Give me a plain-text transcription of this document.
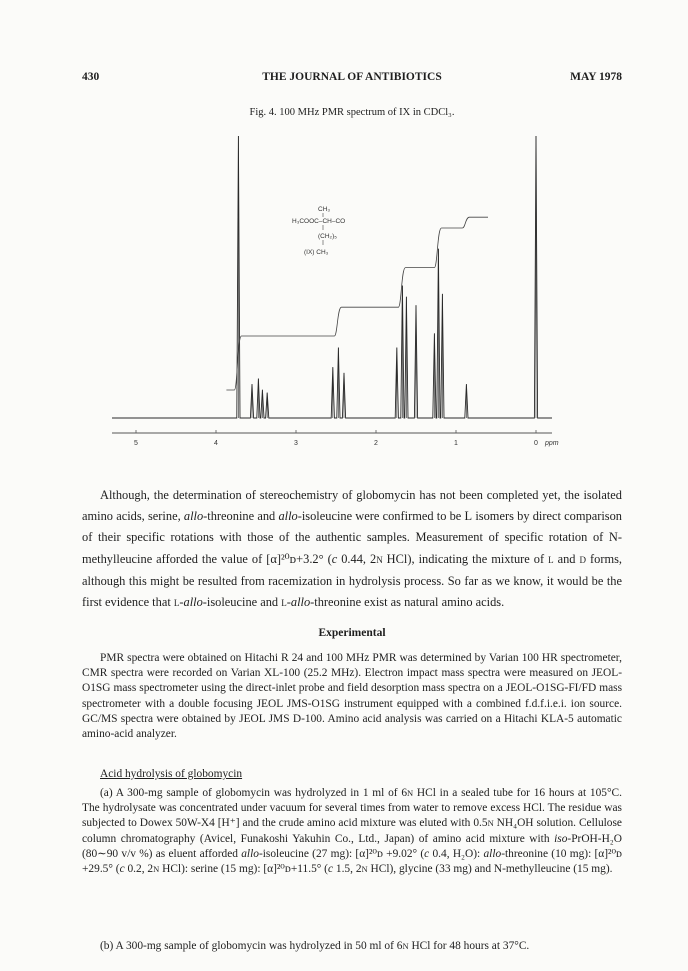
430	THE JOURNAL OF ANTIBIOTICS	MAY 1978
Fig. 4. 100 MHz PMR spectrum of IX in CDCl₃.
5	4	3	2	1	0 ppm
CH₃
H₃COOC–CH–CO
(CH₂)₅
(IX) CH₃

Although, the determination of stereochemistry of globomycin has not been completed yet, the isolated amino acids, serine, allo-threonine and allo-isoleucine were confirmed to be L isomers by direct comparison of their specific rotations with those of the authentic samples. Measurement of specific rotation of N-methylleucine afforded the value of [α]²⁰ᴅ+3.2° (c 0.44, 2N HCl), indicating the mixture of L and D forms, although this might be resulted from racemization in hydrolysis process. So far as we know, it would be the first evidence that L-allo-isoleucine and L-allo-threonine exist as natural amino acids.

Experimental

PMR spectra were obtained on Hitachi R 24 and 100 MHz PMR was determined by Varian 100 HR spectrometer, CMR spectra were recorded on Varian XL-100 (25.2 MHz). Electron impact mass spectra were measured on JEOL-O1SG mass spectrometer using the direct-inlet probe and field desorption mass spectra on a JEOL-O1SG-FI/FD mass spectrometer with a double focusing JEOL JMS-O1SG instrument equipped with a combined f.d.f.i.e.i. ion source. GC/MS spectra were obtained by JEOL JMS D-100. Amino acid analysis was carried on a Hitachi KLA-5 automatic amino-acid analyzer.

Acid hydrolysis of globomycin

(a) A 300-mg sample of globomycin was hydrolyzed in 1 ml of 6N HCl in a sealed tube for 16 hours at 105°C. The hydrolysate was concentrated under vacuum for several times from water to remove excess HCl. The residue was subjected to Dowex 50W-X4 [H⁺] and the crude amino acid mixture was eluted with 0.5N NH₄OH solution. Cellulose column chromatography (Avicel, Funakoshi Yakuhin Co., Ltd., Japan) of amino acid mixture with iso-PrOH-H₂O (80∼90 v/v %) as eluent afforded allo-isoleucine (27 mg): [α]²⁰ᴅ +9.02° (c 0.4, H₂O): allo-threonine (10 mg): [α]²⁰ᴅ +29.5° (c 0.2, 2N HCl): serine (15 mg): [α]²⁰ᴅ+11.5° (c 1.5, 2N HCl), glycine (33 mg) and N-methylleucine (15 mg).

(b) A 300-mg sample of globomycin was hydrolyzed in 50 ml of 6N HCl for 48 hours at 37°C.
